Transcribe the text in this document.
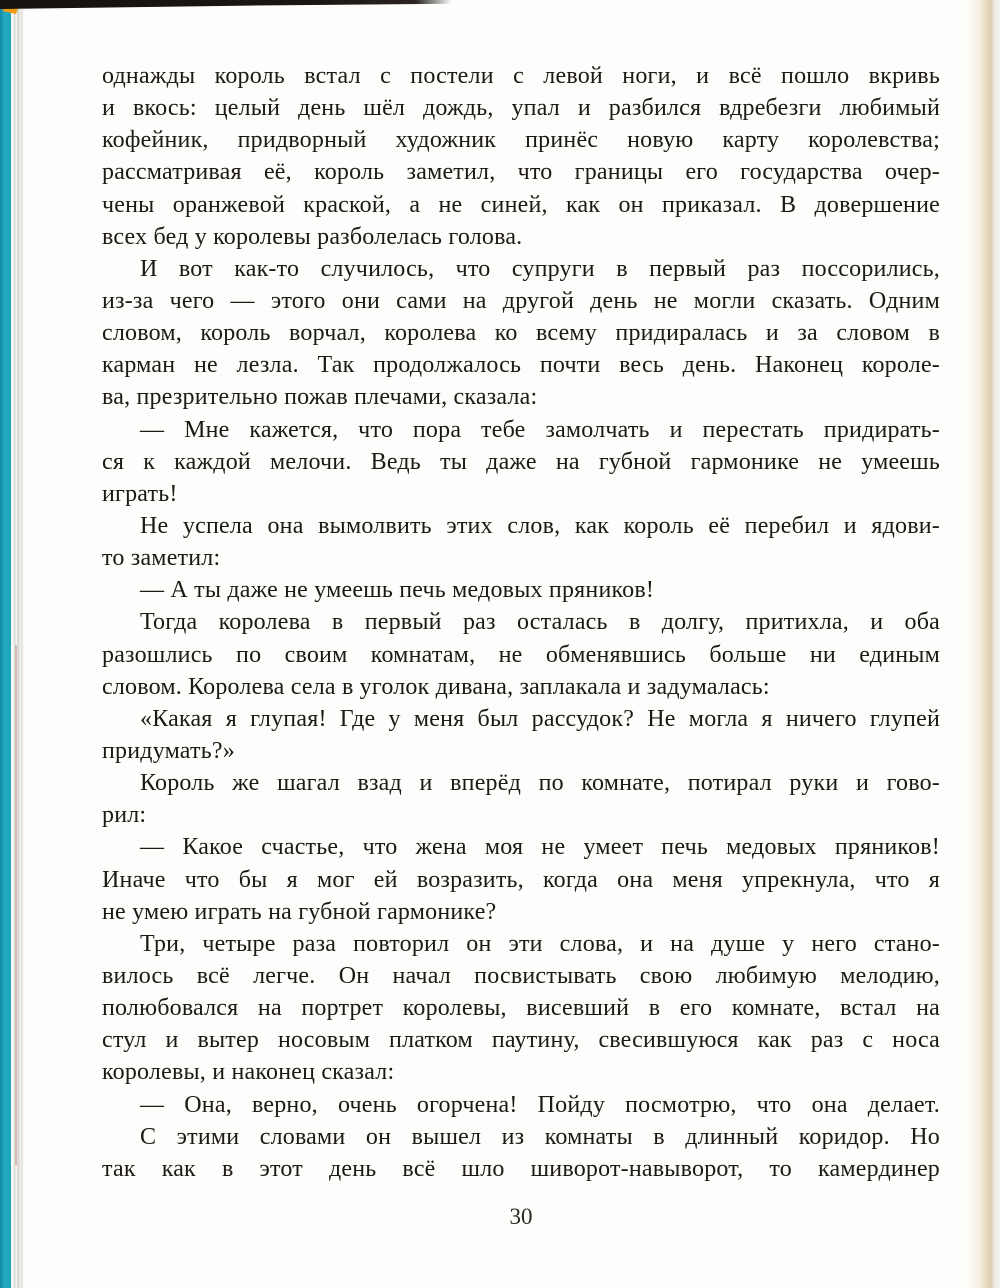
однажды король встал с постели с левой ноги, и всё пошло вкривь
и вкось: целый день шёл дождь, упал и разбился вдребезги любимый
кофейник, придворный художник принёс новую карту королевства;
рассматривая её, король заметил, что границы его государства очер-
чены оранжевой краской, а не синей, как он приказал. В довершение
всех бед у королевы разболелась голова.
И вот как-то случилось, что супруги в первый раз поссорились,
из-за чего — этого они сами на другой день не могли сказать. Одним
словом, король ворчал, королева ко всему придиралась и за словом в
карман не лезла. Так продолжалось почти весь день. Наконец короле-
ва, презрительно пожав плечами, сказала:
— Мне кажется, что пора тебе замолчать и перестать придирать-
ся к каждой мелочи. Ведь ты даже на губной гармонике не умеешь
играть!
Не успела она вымолвить этих слов, как король её перебил и ядови-
то заметил:
— А ты даже не умеешь печь медовых пряников!
Тогда королева в первый раз осталась в долгу, притихла, и оба
разошлись по своим комнатам, не обменявшись больше ни единым
словом. Королева села в уголок дивана, заплакала и задумалась:
«Какая я глупая! Где у меня был рассудок? Не могла я ничего глупей
придумать?»
Король же шагал взад и вперёд по комнате, потирал руки и гово-
рил:
— Какое счастье, что жена моя не умеет печь медовых пряников!
Иначе что бы я мог ей возразить, когда она меня упрекнула, что я
не умею играть на губной гармонике?
Три, четыре раза повторил он эти слова, и на душе у него стано-
вилось всё легче. Он начал посвистывать свою любимую мелодию,
полюбовался на портрет королевы, висевший в его комнате, встал на
стул и вытер носовым платком паутину, свесившуюся как раз с носа
королевы, и наконец сказал:
— Она, верно, очень огорчена! Пойду посмотрю, что она делает.
С этими словами он вышел из комнаты в длинный коридор. Но
так как в этот день всё шло шиворот-навыворот, то камердинер
30
